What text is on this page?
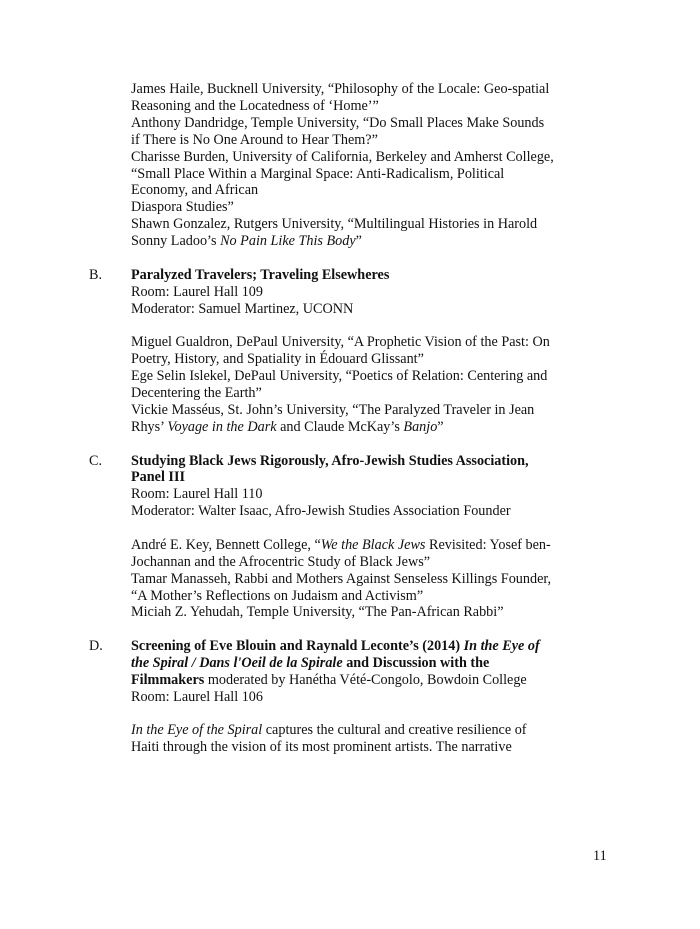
James Haile, Bucknell University, “Philosophy of the Locale: Geo-spatial
Reasoning and the Locatedness of ‘Home’”
Anthony Dandridge, Temple University, “Do Small Places Make Sounds
if There is No One Around to Hear Them?”
Charisse Burden, University of California, Berkeley and Amherst College,
“Small Place Within a Marginal Space: Anti-Radicalism, Political
Economy, and African
Diaspora Studies”
Shawn Gonzalez, Rutgers University, “Multilingual Histories in Harold
Sonny Ladoo’s No Pain Like This Body”
B. Paralyzed Travelers; Traveling Elsewheres
Room: Laurel Hall 109
Moderator: Samuel Martinez, UCONN
Miguel Gualdron, DePaul University, “A Prophetic Vision of the Past: On
Poetry, History, and Spatiality in Édouard Glissant”
Ege Selin Islekel, DePaul University, “Poetics of Relation: Centering and
Decentering the Earth”
Vickie Masséus, St. John’s University, “The Paralyzed Traveler in Jean
Rhys’ Voyage in the Dark and Claude McKay’s Banjo”
C. Studying Black Jews Rigorously, Afro-Jewish Studies Association,
Panel III
Room: Laurel Hall 110
Moderator: Walter Isaac, Afro-Jewish Studies Association Founder
André E. Key, Bennett College, “We the Black Jews Revisited: Yosef ben-
Jochannan and the Afrocentric Study of Black Jews”
Tamar Manasseh, Rabbi and Mothers Against Senseless Killings Founder,
“A Mother’s Reflections on Judaism and Activism”
Miciah Z. Yehudah, Temple University, “The Pan-African Rabbi”
D. Screening of Eve Blouin and Raynald Leconte’s (2014) In the Eye of
the Spiral / Dans l'Oeil de la Spirale and Discussion with the
Filmmakers moderated by Hanétha Vété-Congolo, Bowdoin College
Room: Laurel Hall 106
In the Eye of the Spiral captures the cultural and creative resilience of
Haiti through the vision of its most prominent artists. The narrative
11
